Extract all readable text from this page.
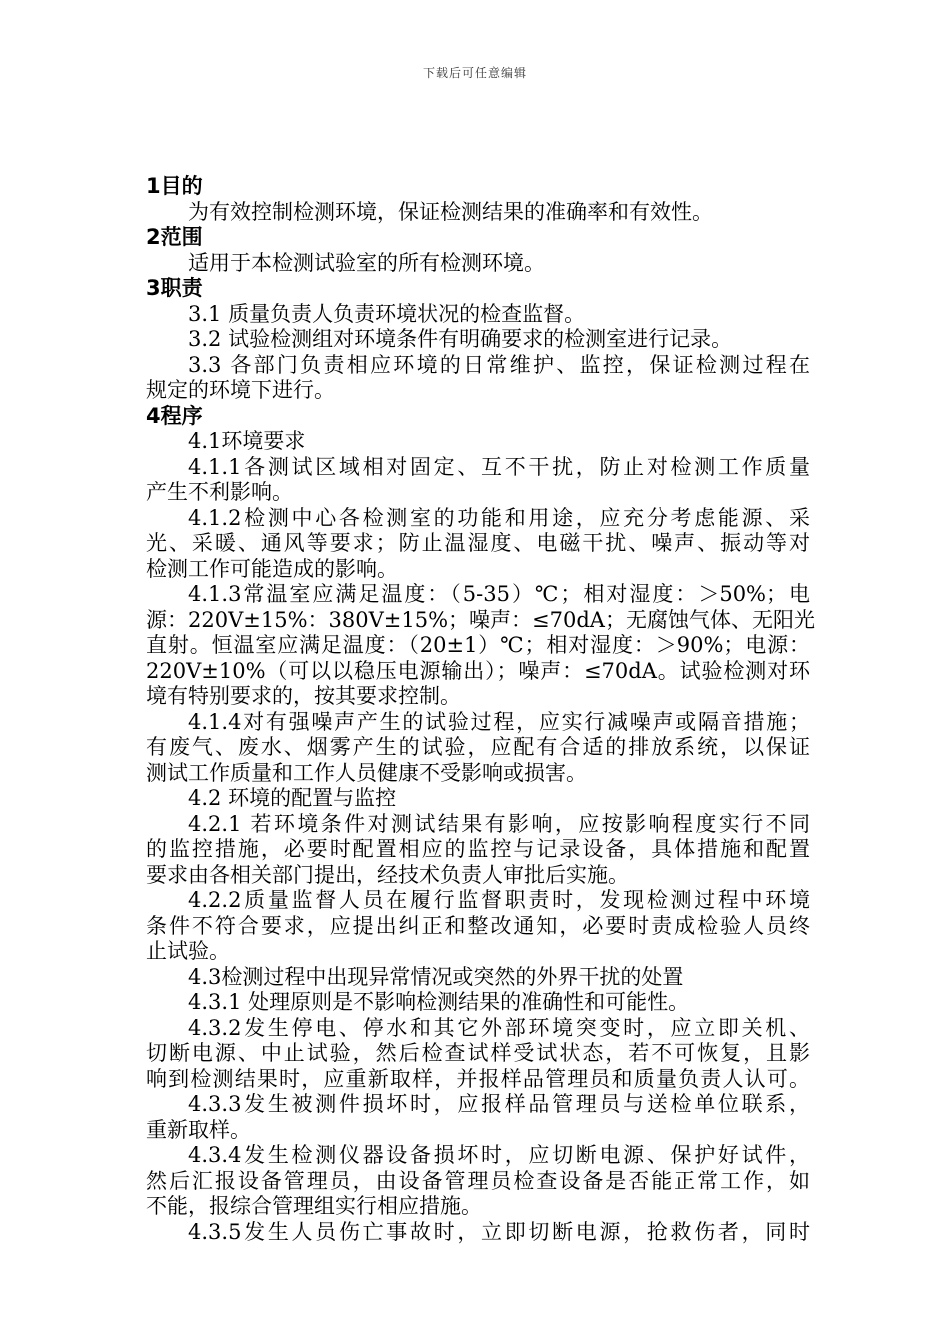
下载后可任意编辑
1目的
为有效控制检测环境，保证检测结果的准确率和有效性。
2范围
适用于本检测试验室的所有检测环境。
3职责
3.1 质量负责人负责环境状况的检查监督。
3.2 试验检测组对环境条件有明确要求的检测室进行记录。
3.3 各部门负责相应环境的日常维护、监控，保证检测过程在
规定的环境下进行。
4程序
4.1环境要求
4.1.1各测试区域相对固定、互不干扰，防止对检测工作质量
产生不利影响。
4.1.2检测中心各检测室的功能和用途，应充分考虑能源、采
光、采暖、通风等要求；防止温湿度、电磁干扰、噪声、振动等对
检测工作可能造成的影响。
4.1.3常温室应满足温度：（5-35）℃；相对湿度：＞50%；电
源：220V±15%：380V±15%；噪声：≤70dA；无腐蚀气体、无阳光
直射。恒温室应满足温度：（20±1）℃；相对湿度：＞90%；电源：
220V±10%（可以以稳压电源输出）；噪声：≤70dA。试验检测对环
境有特别要求的，按其要求控制。
4.1.4对有强噪声产生的试验过程，应实行减噪声或隔音措施；
有废气、废水、烟雾产生的试验，应配有合适的排放系统，以保证
测试工作质量和工作人员健康不受影响或损害。
4.2 环境的配置与监控
4.2.1 若环境条件对测试结果有影响，应按影响程度实行不同
的监控措施，必要时配置相应的监控与记录设备，具体措施和配置
要求由各相关部门提出，经技术负责人审批后实施。
4.2.2质量监督人员在履行监督职责时，发现检测过程中环境
条件不符合要求，应提出纠正和整改通知，必要时责成检验人员终
止试验。
4.3检测过程中出现异常情况或突然的外界干扰的处置
4.3.1 处理原则是不影响检测结果的准确性和可能性。
4.3.2发生停电、停水和其它外部环境突变时，应立即关机、
切断电源、中止试验，然后检查试样受试状态，若不可恢复，且影
响到检测结果时，应重新取样，并报样品管理员和质量负责人认可。
4.3.3发生被测件损坏时，应报样品管理员与送检单位联系，
重新取样。
4.3.4发生检测仪器设备损坏时，应切断电源、保护好试件，
然后汇报设备管理员，由设备管理员检查设备是否能正常工作，如
不能，报综合管理组实行相应措施。
4.3.5发生人员伤亡事故时，立即切断电源，抢救伤者，同时
